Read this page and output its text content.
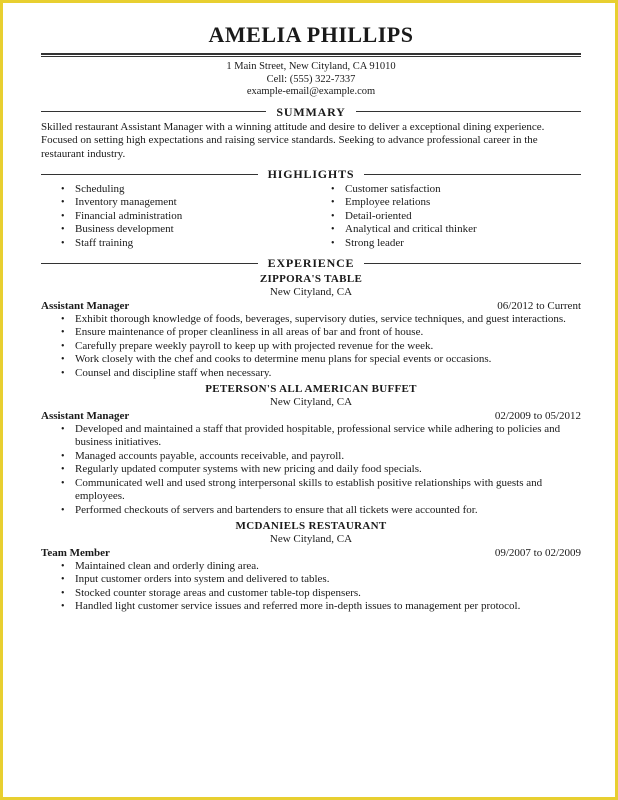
AMELIA PHILLIPS
1 Main Street, New Cityland, CA 91010
Cell: (555) 322-7337
example-email@example.com
SUMMARY
Skilled restaurant Assistant Manager with a winning attitude and desire to deliver a exceptional dining experience. Focused on setting high expectations and raising service standards. Seeking to advance professional career in the restaurant industry.
HIGHLIGHTS
• Scheduling
• Inventory management
• Financial administration
• Business development
• Staff training
• Customer satisfaction
• Employee relations
• Detail-oriented
• Analytical and critical thinker
• Strong leader
EXPERIENCE
ZIPPORA'S TABLE
New Cityland, CA
Assistant Manager	06/2012 to Current
• Exhibit thorough knowledge of foods, beverages, supervisory duties, service techniques, and guest interactions.
• Ensure maintenance of proper cleanliness in all areas of bar and front of house.
• Carefully prepare weekly payroll to keep up with projected revenue for the week.
• Work closely with the chef and cooks to determine menu plans for special events or occasions.
• Counsel and discipline staff when necessary.
PETERSON'S ALL AMERICAN BUFFET
New Cityland, CA
Assistant Manager	02/2009 to 05/2012
• Developed and maintained a staff that provided hospitable, professional service while adhering to policies and business initiatives.
• Managed accounts payable, accounts receivable, and payroll.
• Regularly updated computer systems with new pricing and daily food specials.
• Communicated well and used strong interpersonal skills to establish positive relationships with guests and employees.
• Performed checkouts of servers and bartenders to ensure that all tickets were accounted for.
MCDANIELS RESTAURANT
New Cityland, CA
Team Member	09/2007 to 02/2009
• Maintained clean and orderly dining area.
• Input customer orders into system and delivered to tables.
• Stocked counter storage areas and customer table-top dispensers.
• Handled light customer service issues and referred more in-depth issues to management per protocol.
